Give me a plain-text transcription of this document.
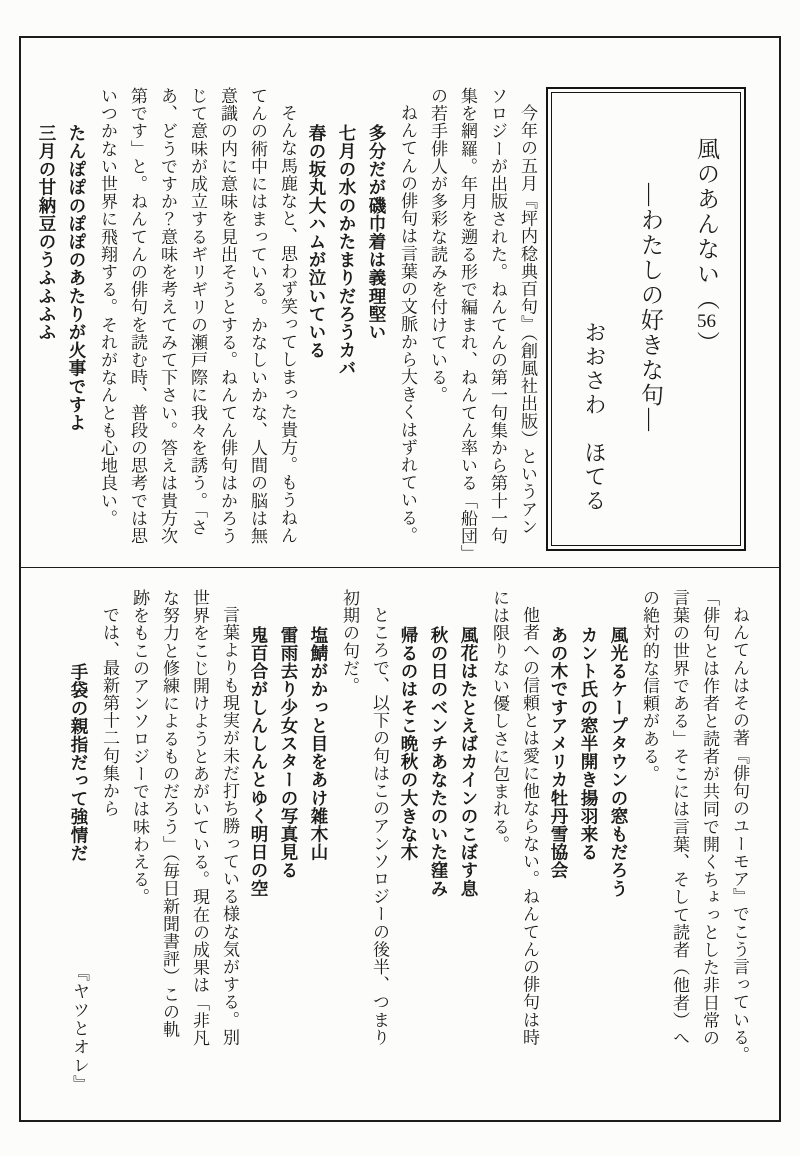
風のあんない（56）
―わたしの好きな句―
おおさわ　ほてる
今年の五月『坪内稔典百句』（創風社出版）というアン
ソロジーが出版された。ねんてんの第一句集から第十一句
集を網羅。年月を遡る形で編まれ、ねんてん率いる「船団」
の若手俳人が多彩な読みを付けている。
ねんてんの俳句は言葉の文脈から大きくはずれている。
多分だが磯巾着は義理堅い
七月の水のかたまりだろうカバ
春の坂丸大ハムが泣いている
そんな馬鹿なと、思わず笑ってしまった貴方。もうねん
てんの術中にはまっている。かなしいかな、人間の脳は無
意識の内に意味を見出そうとする。ねんてん俳句はかろう
じて意味が成立するギリギリの瀬戸際に我々を誘う。「さ
あ、どうですか？意味を考えてみて下さい。答えは貴方次
第です」と。ねんてんの俳句を読む時、普段の思考では思
いつかない世界に飛翔する。それがなんとも心地良い。
たんぽぽのぽぽのあたりが火事ですよ
三月の甘納豆のうふふふふ
ねんてんはその著『俳句のユーモア』でこう言っている。
「俳句とは作者と読者が共同で開くちょっとした非日常の
言葉の世界である」そこには言葉、そして読者（他者）へ
の絶対的な信頼がある。
風光るケープタウンの窓もだろう
カント氏の窓半開き揚羽来る
あの木ですアメリカ牡丹雪協会
他者への信頼とは愛に他ならない。ねんてんの俳句は時
には限りない優しさに包まれる。
風花はたとえばカインのこぼす息
秋の日のベンチあなたのいた窪み
帰るのはそこ晩秋の大きな木
ところで、以下の句はこのアンソロジーの後半、つまり
初期の句だ。
塩鯖がかっと目をあけ雑木山
雷雨去り少女スターの写真見る
鬼百合がしんしんとゆく明日の空
言葉よりも現実が未だ打ち勝っている様な気がする。別
世界をこじ開けようとあがいている。現在の成果は「非凡
な努力と修練によるものだろう」（毎日新聞書評）この軌
跡をもこのアンソロジーでは味わえる。
では、最新第十二句集から
手袋の親指だって強情だ
『ヤツとオレ』
